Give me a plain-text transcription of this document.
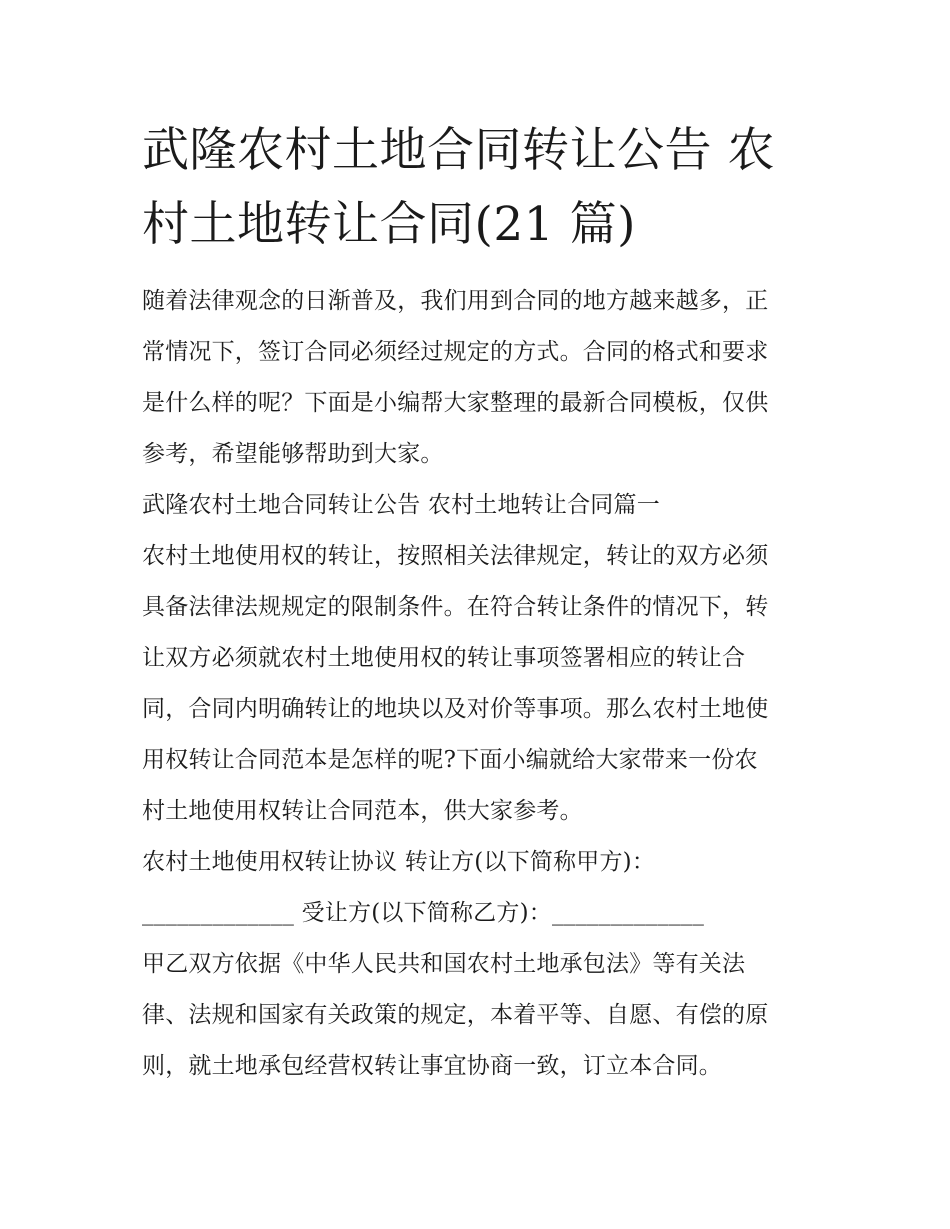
武隆农村土地合同转让公告 农
村土地转让合同(21 篇)

随着法律观念的日渐普及，我们用到合同的地方越来越多，正

常情况下，签订合同必须经过规定的方式。合同的格式和要求

是什么样的呢？下面是小编帮大家整理的最新合同模板，仅供

参考，希望能够帮助到大家。

武隆农村土地合同转让公告 农村土地转让合同篇一

农村土地使用权的转让，按照相关法律规定，转让的双方必须

具备法律法规规定的限制条件。在符合转让条件的情况下，转

让双方必须就农村土地使用权的转让事项签署相应的转让合

同，合同内明确转让的地块以及对价等事项。那么农村土地使

用权转让合同范本是怎样的呢?下面小编就给大家带来一份农

村土地使用权转让合同范本，供大家参考。

农村土地使用权转让协议 转让方(以下简称甲方)：

_____________ 受让方(以下简称乙方)：_____________

甲乙双方依据《中华人民共和国农村土地承包法》等有关法

律、法规和国家有关政策的规定，本着平等、自愿、有偿的原

则，就土地承包经营权转让事宜协商一致，订立本合同。
